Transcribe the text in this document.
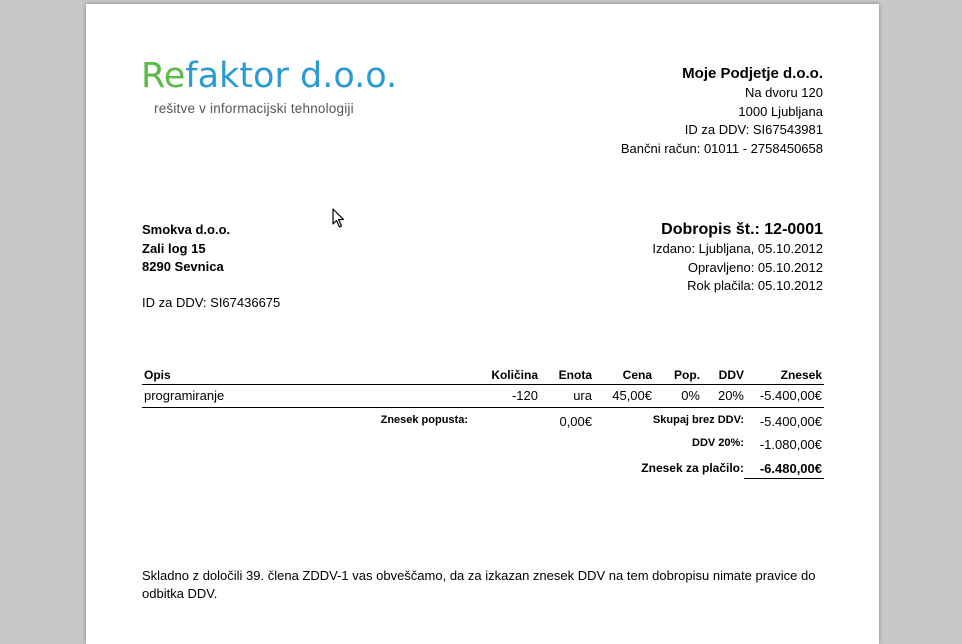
Refaktor d.o.o.
rešitve v informacijski tehnologiji
Moje Podjetje d.o.o.
Na dvoru 120
1000 Ljubljana
ID za DDV: SI67543981
Bančni račun: 01011 - 2758450658
Smokva d.o.o.
Zali log 15
8290 Sevnica
ID za DDV: SI67436675
Dobropis št.: 12-0001
Izdano: Ljubljana, 05.10.2012
Opravljeno: 05.10.2012
Rok plačila: 05.10.2012
Opis	Količina Enota	Cena Pop. DDV	Znesek
programiranje	-120	ura 45,00€ 0% 20% -5.400,00€
Znesek popusta:	0,00€	Skupaj brez DDV: -5.400,00€
DDV 20%: -1.080,00€
Znesek za plačilo: -6.480,00€
Skladno z določili 39. člena ZDDV-1 vas obveščamo, da za izkazan znesek DDV na tem dobropisu nimate pravice do odbitka DDV.
